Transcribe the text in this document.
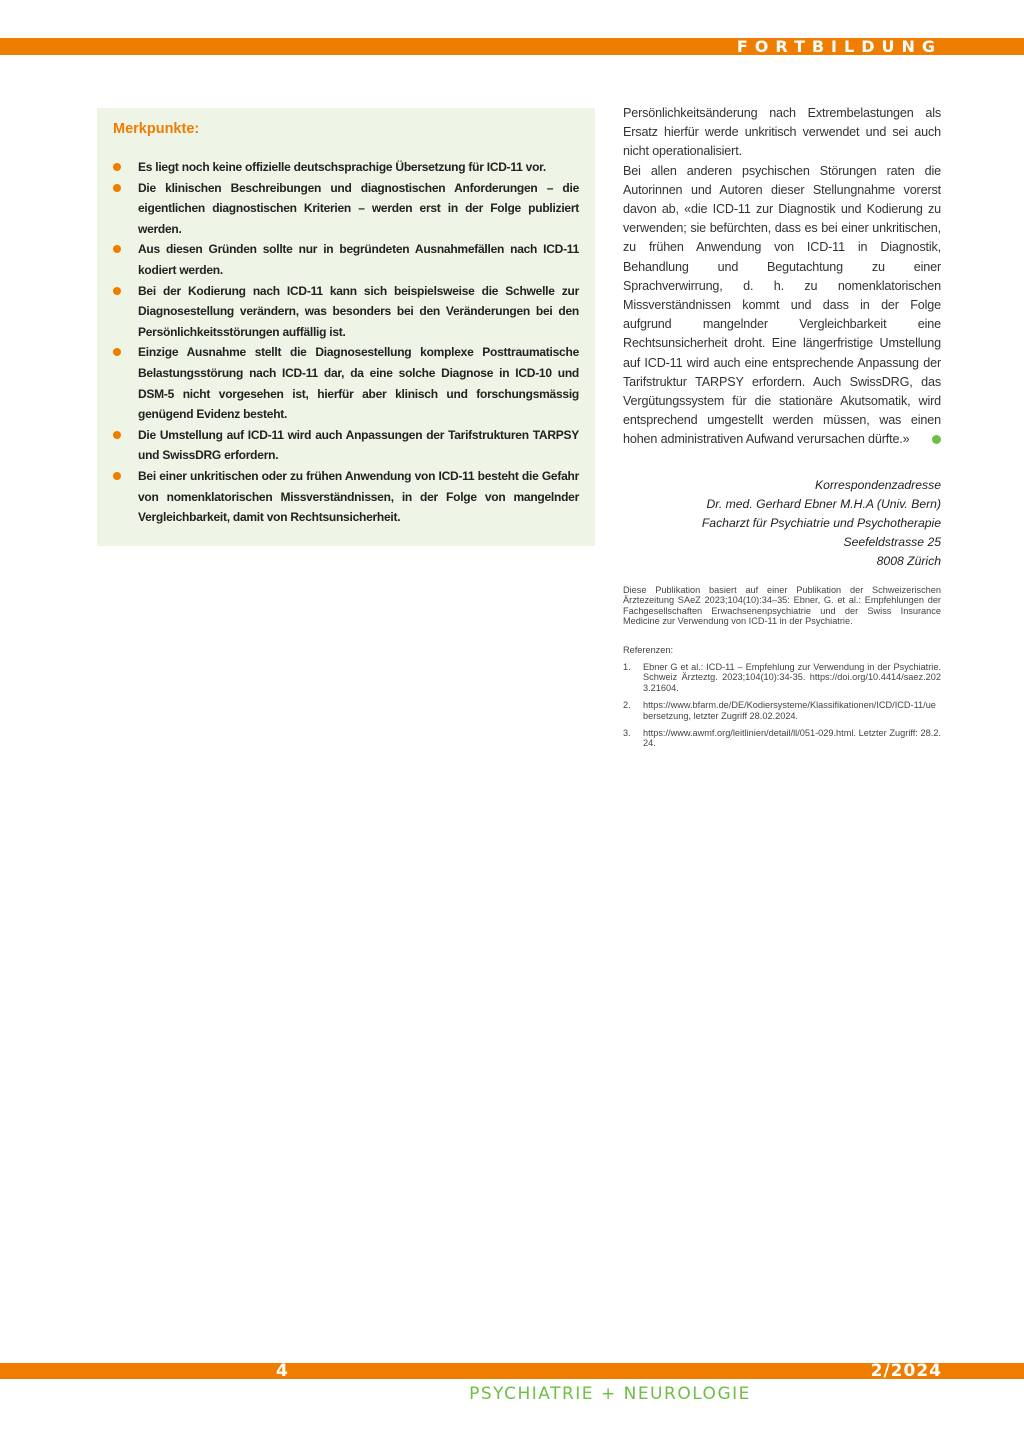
FORTBILDUNG
Merkpunkte:
Es liegt noch keine offizielle deutschsprachige Übersetzung für ICD-11 vor.
Die klinischen Beschreibungen und diagnostischen Anforderungen – die eigentlichen diagnostischen Kriterien – werden erst in der Folge publiziert werden.
Aus diesen Gründen sollte nur in begründeten Ausnahmefällen nach ICD-11 kodiert werden.
Bei der Kodierung nach ICD-11 kann sich beispielsweise die Schwelle zur Diagnosestellung verändern, was besonders bei den Veränderungen bei den Persönlichkeitsstörungen auffällig ist.
Einzige Ausnahme stellt die Diagnosestellung komplexe Posttraumatische Belastungsstörung nach ICD-11 dar, da eine solche Diagnose in ICD-10 und DSM-5 nicht vorgesehen ist, hierfür aber klinisch und forschungsmässig genügend Evidenz besteht.
Die Umstellung auf ICD-11 wird auch Anpassungen der Tarifstrukturen TARPSY und SwissDRG erfordern.
Bei einer unkritischen oder zu frühen Anwendung von ICD-11 besteht die Gefahr von nomenklatorischen Missverständnissen, in der Folge von mangelnder Vergleichbarkeit, damit von Rechtsunsicherheit.

Persönlichkeitsänderung nach Extrembelastungen als Ersatz hierfür werde unkritisch verwendet und sei auch nicht operationalisiert.

Bei allen anderen psychischen Störungen raten die Autorinnen und Autoren dieser Stellungnahme vorerst davon ab, «die ICD-11 zur Diagnostik und Kodierung zu verwenden; sie befürchten, dass es bei einer unkritischen, zu frühen Anwendung von ICD-11 in Diagnostik, Behandlung und Begutachtung zu einer Sprachverwirrung, d. h. zu nomenklatorischen Missverständnissen kommt und dass in der Folge aufgrund mangelnder Vergleichbarkeit eine Rechtsunsicherheit droht. Eine längerfristige Umstellung auf ICD-11 wird auch eine entsprechende Anpassung der Tarifstruktur TARPSY erfordern. Auch SwissDRG, das Vergütungssystem für die stationäre Akutsomatik, wird entsprechend umgestellt werden müssen, was einen hohen administrativen Aufwand verursachen dürfte.»

Korrespondenzadresse
Dr. med. Gerhard Ebner M.H.A (Univ. Bern)
Facharzt für Psychiatrie und Psychotherapie
Seefeldstrasse 25
8008 Zürich
Diese Publikation basiert auf einer Publikation der Schweizerischen Ärztezeitung SAeZ 2023;104(10):34–35: Ebner, G. et al.: Empfehlungen der Fachgesellschaften Erwachsenenpsychiatrie und der Swiss Insurance Medicine zur Verwendung von ICD-11 in der Psychiatrie.
Referenzen:
1. Ebner G et al.: ICD-11 – Empfehlung zur Verwendung in der Psychiatrie. Schweiz Ärzteztg. 2023;104(10):34-35. https://doi.org/10.4414/saez.2023.21604.
2. https://www.bfarm.de/DE/Kodiersysteme/Klassifikationen/ICD/ICD-11/uebersetzung, letzter Zugriff 28.02.2024.
3. https://www.awmf.org/leitlinien/detail/ll/051-029.html. Letzter Zugriff: 28.2.24.
4	2/2024
PSYCHIATRIE + NEUROLOGIE
